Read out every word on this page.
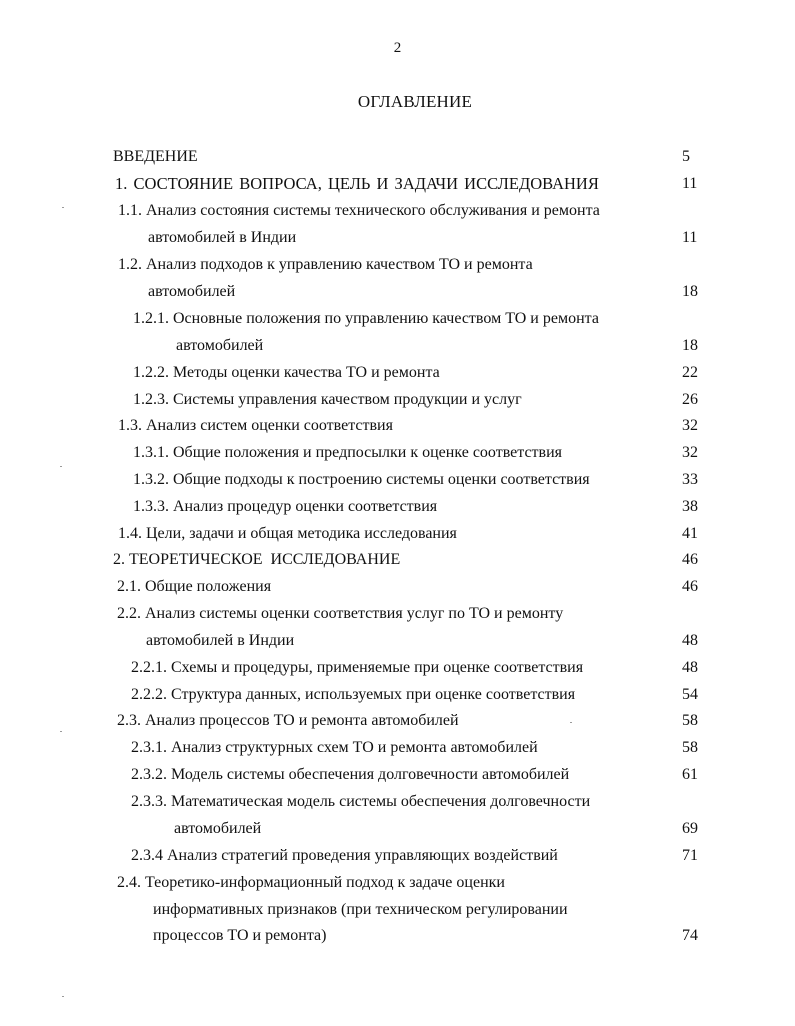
2
ОГЛАВЛЕНИЕ
ВВЕДЕНИЕ	5
1. СОСТОЯНИЕ ВОПРОСА, ЦЕЛЬ И ЗАДАЧИ ИССЛЕДОВАНИЯ	11
1.1. Анализ состояния системы технического обслуживания и ремонта
автомобилей в Индии	11
1.2. Анализ подходов к управлению качеством ТО и ремонта
автомобилей	18
1.2.1. Основные положения по управлению качеством ТО и ремонта
автомобилей	18
1.2.2. Методы оценки качества ТО и ремонта	22
1.2.3. Системы управления качеством продукции и услуг	26
1.3. Анализ систем оценки соответствия	32
1.3.1. Общие положения и предпосылки к оценке соответствия	32
1.3.2. Общие подходы к построению системы оценки соответствия	33
1.3.3. Анализ процедур оценки соответствия	38
1.4. Цели, задачи и общая методика исследования	41
2. ТЕОРЕТИЧЕСКОЕ  ИССЛЕДОВАНИЕ	46
2.1. Общие положения	46
2.2. Анализ системы оценки соответствия услуг по ТО и ремонту
автомобилей в Индии	48
2.2.1. Схемы и процедуры, применяемые при оценке соответствия	48
2.2.2. Структура данных, используемых при оценке соответствия	54
2.3. Анализ процессов ТО и ремонта автомобилей	58
2.3.1. Анализ структурных схем ТО и ремонта автомобилей	58
2.3.2. Модель системы обеспечения долговечности автомобилей	61
2.3.3. Математическая модель системы обеспечения долговечности
автомобилей	69
2.3.4 Анализ стратегий проведения управляющих воздействий	71
2.4. Теоретико-информационный подход к задаче оценки
информативных признаков (при техническом регулировании
процессов ТО и ремонта)	74
